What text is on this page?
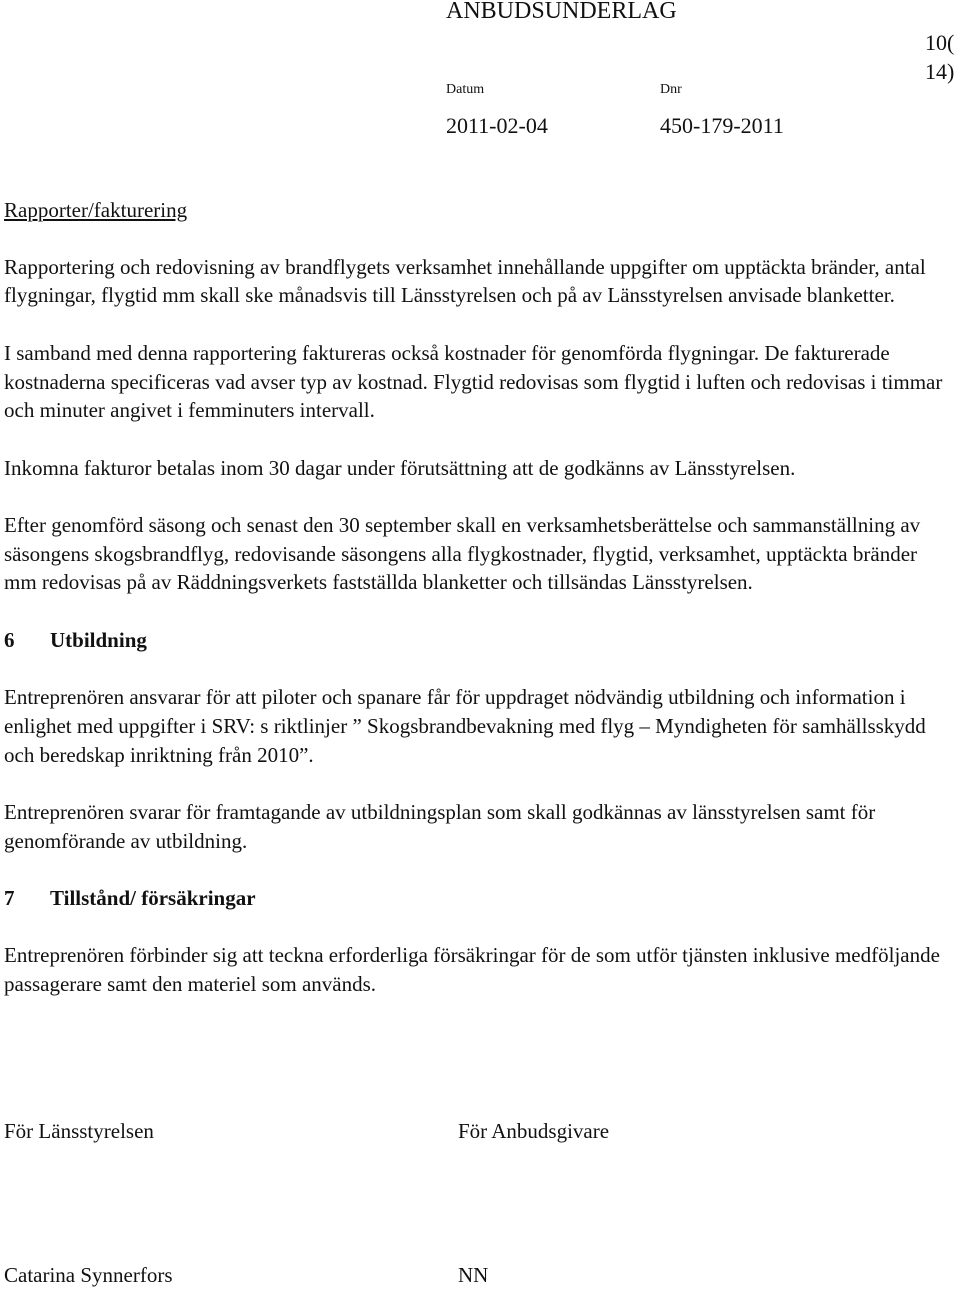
ANBUDSUNDERLAG
10( 14)
Datum	Dnr
2011-02-04	450-179-2011

Rapporter/fakturering

Rapportering och redovisning av brandflygets verksamhet innehållande uppgifter om upptäckta bränder, antal flygningar, flygtid mm skall ske månadsvis till Länsstyrelsen och på av Länsstyrelsen anvisade blanketter.

I samband med denna rapportering faktureras också kostnader för genomförda flygningar. De fakturerade kostnaderna specificeras vad avser typ av kostnad. Flygtid redovisas som flygtid i luften och redovisas i timmar och minuter angivet i femminuters intervall.

Inkomna fakturor betalas inom 30 dagar under förutsättning att de godkänns av Länsstyrelsen.

Efter genomförd säsong och senast den 30 september skall en verksamhetsberättelse och sammanställning av säsongens skogsbrandflyg, redovisande säsongens alla flygkostnader, flygtid, verksamhet, upptäckta bränder mm redovisas på av Räddningsverkets fastställda blanketter och tillsändas Länsstyrelsen.

6 Utbildning

Entreprenören ansvarar för att piloter och spanare får för uppdraget nödvändig utbildning och information i enlighet med uppgifter i SRV: s riktlinjer ” Skogsbrandbevakning med flyg – Myndigheten för samhällsskydd och beredskap inriktning från 2010”.

Entreprenören svarar för framtagande av utbildningsplan som skall godkännas av länsstyrelsen samt för genomförande av utbildning.

7 Tillstånd/ försäkringar

Entreprenören förbinder sig att teckna erforderliga försäkringar för de som utför tjänsten inklusive medföljande passagerare samt den materiel som används.

För Länsstyrelsen	För Anbudsgivare
Catarina Synnerfors	NN
